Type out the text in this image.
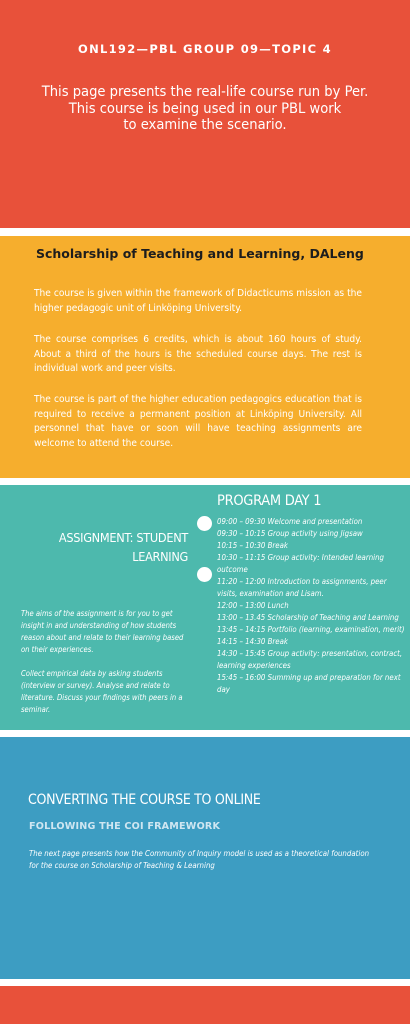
ONL192—PBL GROUP 09—TOPIC 4
This page presents the real-life course run by Per.
This course is being used in our PBL work
to examine the scenario.
Scholarship of Teaching and Learning, DALeng

The course is given within the framework of Didacticums mission as the higher pedagogic unit of Linköping University.

The course comprises 6 credits, which is about 160 hours of study. About a third of the hours is the scheduled course days. The rest is individual work and peer visits.

The course is part of the higher education pedagogics education that is required to receive a permanent position at Linköping University. All personnel that have or soon will have teaching assignments are welcome to attend the course.

PROGRAM DAY 1
ASSIGNMENT: STUDENT
LEARNING
09:00 – 09:30 Welcome and presentation
09:30 – 10:15 Group activity using Jigsaw
10:15 – 10:30 Break
10:30 – 11:15 Group activity: Intended learning outcome
11:20 – 12:00 Introduction to assignments, peer visits, examination and Lisam.
12:00 – 13:00 Lunch
13:00 – 13.45 Scholarship of Teaching and Learning
13:45 – 14:15 Portfolio (learning, examination, merit)
14:15 – 14:30 Break
14:30 – 15:45 Group activity: presentation, contract, learning experiences
15:45 – 16:00 Summing up and preparation for next day

The aims of the assignment is for you to get insight in and understanding of how students reason about and relate to their learning based on their experiences.

Collect empirical data by asking students (interview or survey). Analyse and relate to literature. Discuss your findings with peers in a seminar.

CONVERTING THE COURSE TO ONLINE
FOLLOWING THE COI FRAMEWORK

The next page presents how the Community of Inquiry model is used as a theoretical foundation for the course on Scholarship of Teaching & Learning
